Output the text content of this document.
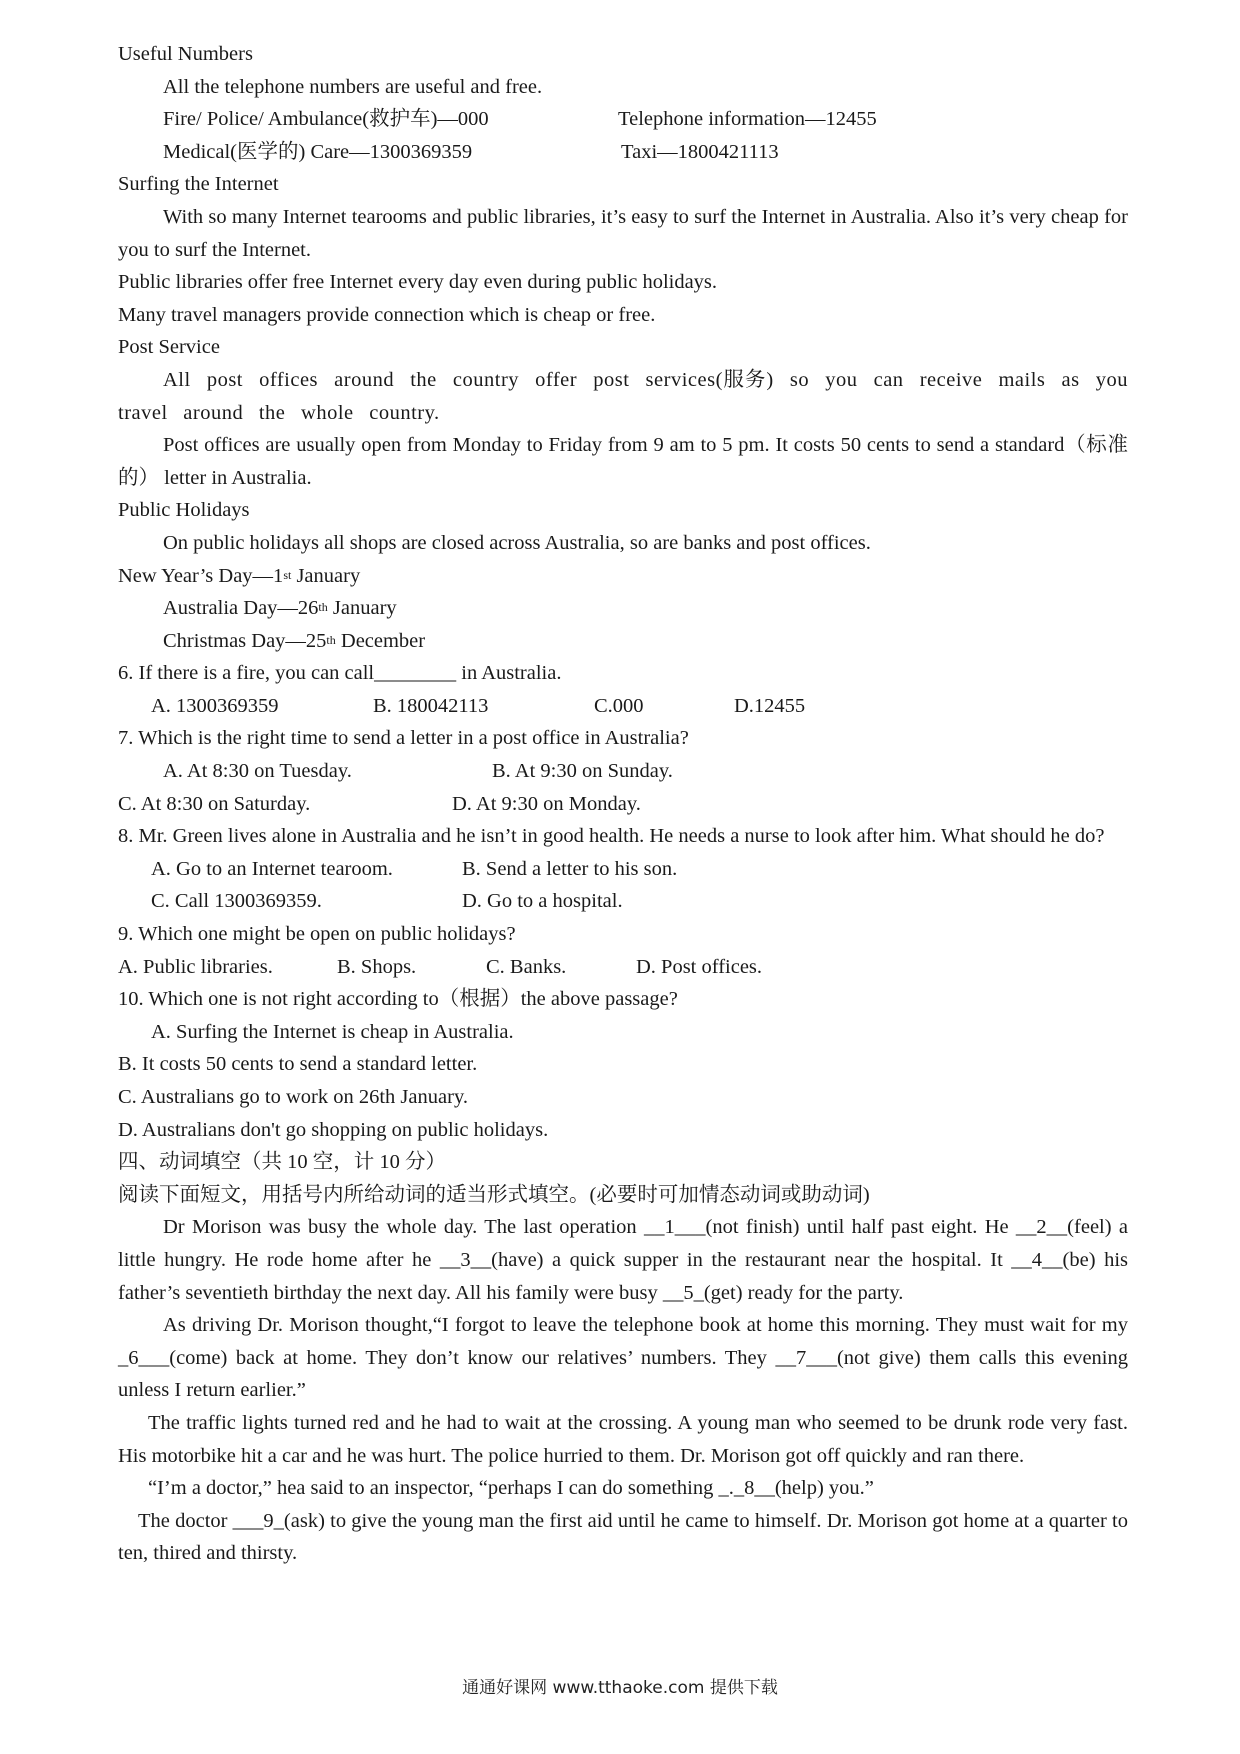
Useful Numbers
All the telephone numbers are useful and free.
Fire/ Police/ Ambulance(救护车)—000	Telephone information—12455
Medical(医学的) Care—1300369359	Taxi—1800421113
Surfing the Internet
With so many Internet tearooms and public libraries, it’s easy to surf the Internet in Australia. Also it’s very cheap for you to surf the Internet.
Public libraries offer free Internet every day even during public holidays.
Many travel managers provide connection which is cheap or free.
Post Service
All post offices around the country offer post services(服务) so you can receive mails as you travel around the whole country.
Post offices are usually open from Monday to Friday from 9 am to 5 pm. It costs 50 cents to send a standard（标准的） letter in Australia.
Public Holidays
On public holidays all shops are closed across Australia, so are banks and post offices.
New Year’s Day—1st January
Australia Day—26th January
Christmas Day—25th December
6. If there is a fire, you can call________ in Australia.
A. 1300369359	B. 180042113	C.000	D.12455
7. Which is the right time to send a letter in a post office in Australia?
A. At 8:30 on Tuesday.	B. At 9:30 on Sunday.
C. At 8:30 on Saturday.	D. At 9:30 on Monday.
8. Mr. Green lives alone in Australia and he isn’t in good health. He needs a nurse to look after him. What should he do?
A. Go to an Internet tearoom.	B. Send a letter to his son.
C. Call 1300369359.	D. Go to a hospital.
9. Which one might be open on public holidays?
A. Public libraries.	B. Shops.	C. Banks.	D. Post offices.
10. Which one is not right according to（根据）the above passage?
A. Surfing the Internet is cheap in Australia.
B. It costs 50 cents to send a standard letter.
C. Australians go to work on 26th January.
D. Australians don't go shopping on public holidays.
四、动词填空（共 10 空，计 10 分）
阅读下面短文，用括号内所给动词的适当形式填空。(必要时可加情态动词或助动词)
Dr Morison was busy the whole day. The last operation __1___(not finish) until half past eight. He __2__(feel) a little hungry. He rode home after he __3__(have) a quick supper in the restaurant near the hospital. It __4__(be) his father’s seventieth birthday the next day. All his family were busy __5_(get) ready for the party.
As driving Dr. Morison thought,“I forgot to leave the telephone book at home this morning. They must wait for my _6___(come) back at home. They don’t know our relatives’ numbers. They __7___(not give) them calls this evening unless I return earlier.”
The traffic lights turned red and he had to wait at the crossing. A young man who seemed to be drunk rode very fast. His motorbike hit a car and he was hurt. The police hurried to them. Dr. Morison got off quickly and ran there.
“I’m a doctor,” hea said to an inspector, “perhaps I can do something _._8__(help) you.”
The doctor ___9_(ask) to give the young man the first aid until he came to himself. Dr. Morison got home at a quarter to ten, thired and thirsty.
通通好课网 www.tthaoke.com 提供下载
